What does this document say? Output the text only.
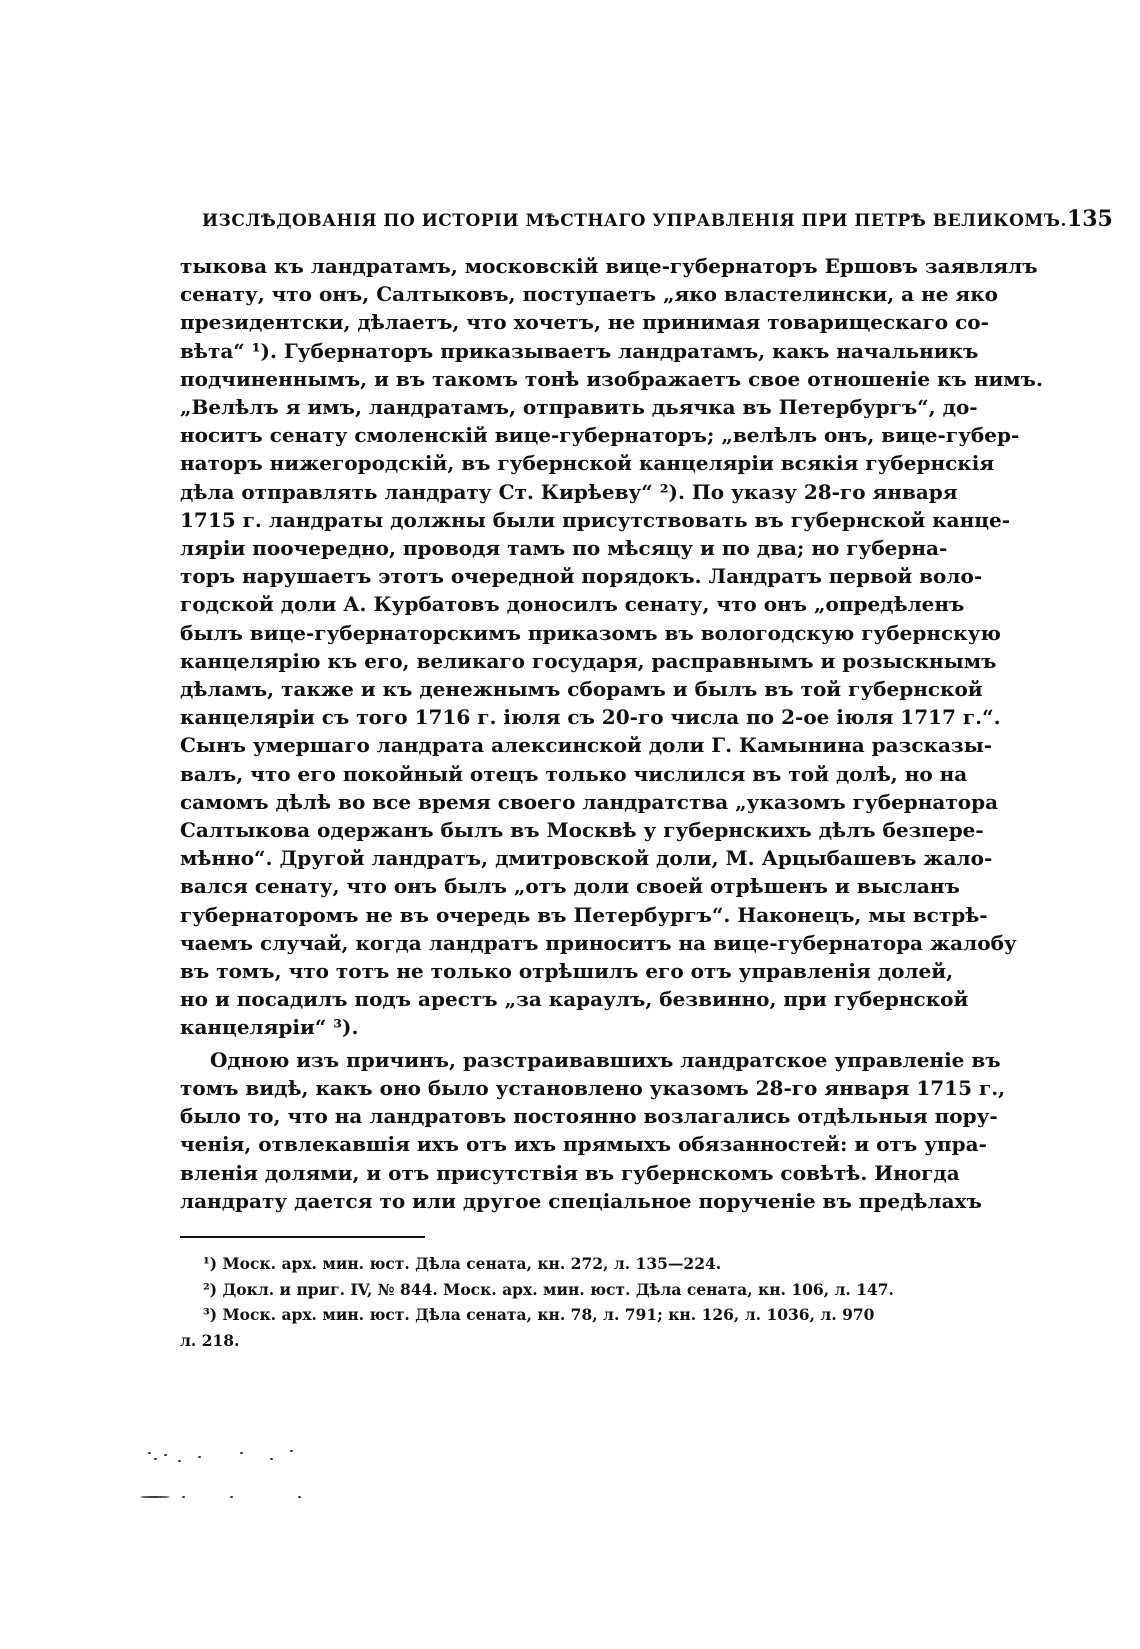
ИЗСЛѢДОВАНІЯ ПО ИСТОРІИ МѢСТНАГО УПРАВЛЕНІЯ ПРИ ПЕТРѢ ВЕЛИКОМЪ. 135
тыкова къ ландратамъ, московскій вице-губернаторъ Ершовъ заявлялъ
сенату, что онъ, Салтыковъ, поступаетъ „яко властелински, а не яко
президентски, дѣлаетъ, что хочетъ, не принимая товарищескаго со-
вѣта“ ¹). Губернаторъ приказываетъ ландратамъ, какъ начальникъ
подчиненнымъ, и въ такомъ тонѣ изображаетъ свое отношеніе къ нимъ.
„Велѣлъ я имъ, ландратамъ, отправить дьячка въ Петербургъ“, до-
носитъ сенату смоленскій вице-губернаторъ; „велѣлъ онъ, вице-губер-
наторъ нижегородскій, въ губернской канцеляріи всякія губернскія
дѣла отправлять ландрату Ст. Кирѣеву“ ²). По указу 28-го января
1715 г. ландраты должны были присутствовать въ губернской канце-
ляріи поочередно, проводя тамъ по мѣсяцу и по два; но губерна-
торъ нарушаетъ этотъ очередной порядокъ. Ландратъ первой воло-
годской доли А. Курбатовъ доносилъ сенату, что онъ „опредѣленъ
былъ вице-губернаторскимъ приказомъ въ вологодскую губернскую
канцелярію къ его, великаго государя, расправнымъ и розыскнымъ
дѣламъ, также и къ денежнымъ сборамъ и былъ въ той губернской
канцеляріи съ того 1716 г. іюля съ 20-го числа по 2-ое іюля 1717 г.“.
Сынъ умершаго ландрата алексинской доли Г. Камынина разсказы-
валъ, что его покойный отецъ только числился въ той долѣ, но на
самомъ дѣлѣ во все время своего ландратства „указомъ губернатора
Салтыкова одержанъ былъ въ Москвѣ у губернскихъ дѣлъ безпере-
мѣнно“. Другой ландратъ, дмитровской доли, М. Арцыбашевъ жало-
вался сенату, что онъ былъ „отъ доли своей отрѣшенъ и высланъ
губернаторомъ не въ очередь въ Петербургъ“. Наконецъ, мы встрѣ-
чаемъ случай, когда ландратъ приноситъ на вице-губернатора жалобу
въ томъ, что тотъ не только отрѣшилъ его отъ управленія долей,
но и посадилъ подъ арестъ „за караулъ, безвинно, при губернской
канцеляріи“ ³).
Одною изъ причинъ, разстраивавшихъ ландратское управленіе въ
томъ видѣ, какъ оно было установлено указомъ 28-го января 1715 г.,
было то, что на ландратовъ постоянно возлагались отдѣльныя пору-
ченія, отвлекавшія ихъ отъ ихъ прямыхъ обязанностей: и отъ упра-
вленія долями, и отъ присутствія въ губернскомъ совѣтѣ. Иногда
ландрату дается то или другое спеціальное порученіе въ предѣлахъ
¹) Моск. арх. мин. юст. Дѣла сената, кн. 272, л. 135—224.
²) Докл. и приг. IV, № 844. Моск. арх. мин. юст. Дѣла сената, кн. 106, л. 147.
³) Моск. арх. мин. юст. Дѣла сената, кн. 78, л. 791; кн. 126, л. 1036, л. 970
л. 218.
